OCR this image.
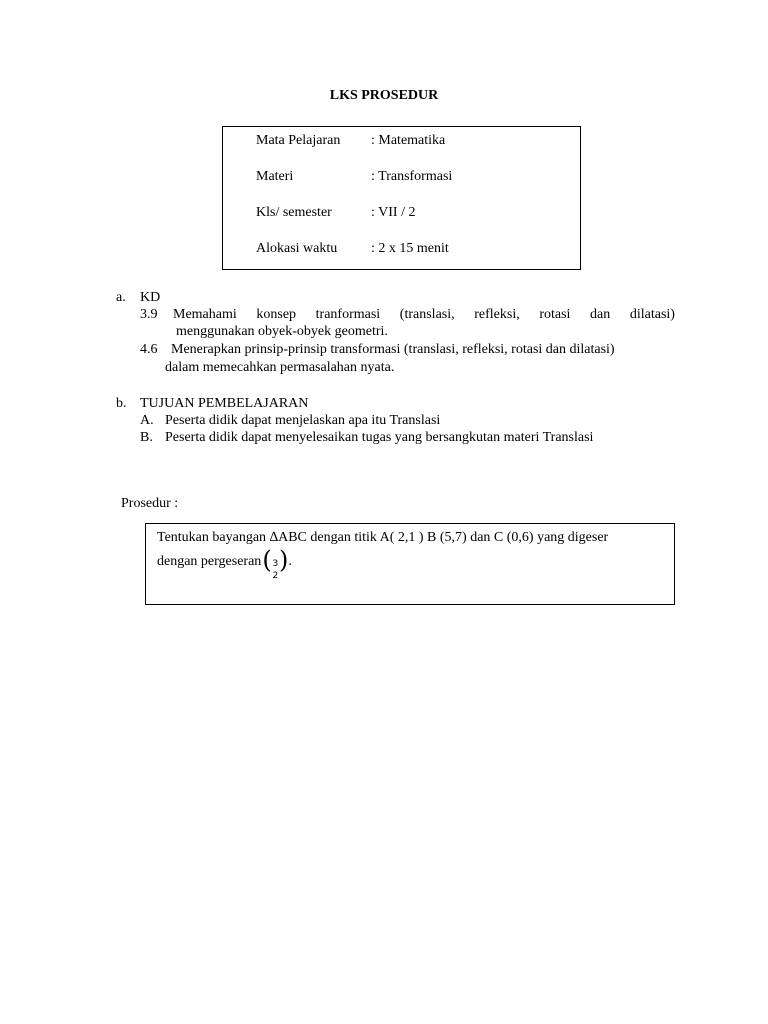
LKS PROSEDUR
Mata Pelajaran : Matematika
Materi	: Transformasi
Kls/ semester	: VII / 2
Alokasi waktu : 2 x 15 menit
a. KD
3.9 Memahami konsep tranformasi (translasi, refleksi, rotasi dan dilatasi)
menggunakan obyek-obyek geometri.
4.6 Menerapkan prinsip-prinsip transformasi (translasi, refleksi, rotasi dan dilatasi)
dalam memecahkan permasalahan nyata.
b. TUJUAN PEMBELAJARAN
A. Peserta didik dapat menjelaskan apa itu Translasi
B. Peserta didik dapat menyelesaikan tugas yang bersangkutan materi Translasi
Prosedur :
Tentukan bayangan ∆ABC dengan titik A( 2,1 ) B (5,7) dan C (0,6) yang digeser
dengan pergeseran ( 3
2
) .
